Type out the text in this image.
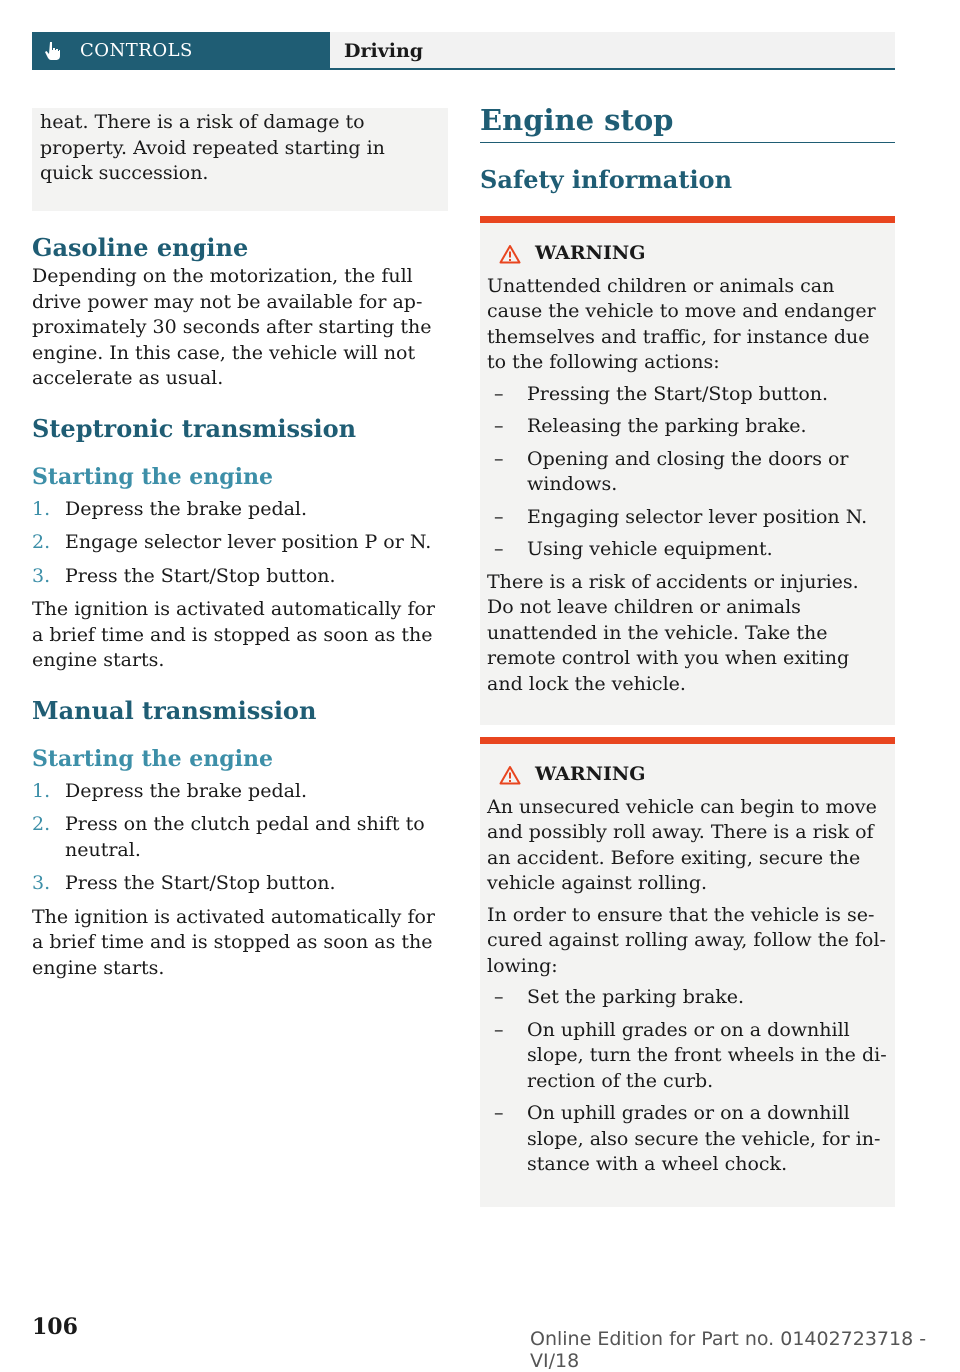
CONTROLS	Driving
heat. There is a risk of damage to property. Avoid repeated starting in quick succession.
Gasoline engine
Depending on the motorization, the full drive power may not be available for approximately 30 seconds after starting the engine. In this case, the vehicle will not accelerate as usual.
Steptronic transmission
Starting the engine
1. Depress the brake pedal.
2. Engage selector lever position P or N.
3. Press the Start/Stop button.
The ignition is activated automatically for a brief time and is stopped as soon as the engine starts.
Manual transmission
Starting the engine
1. Depress the brake pedal.
2. Press on the clutch pedal and shift to neutral.
3. Press the Start/Stop button.
The ignition is activated automatically for a brief time and is stopped as soon as the engine starts.
Engine stop
Safety information
WARNING

Unattended children or animals can cause the vehicle to move and endanger themselves and traffic, for instance due to the following actions:

– Pressing the Start/Stop button.
– Releasing the parking brake.
– Opening and closing the doors or windows.
– Engaging selector lever position N.
– Using vehicle equipment.

There is a risk of accidents or injuries. Do not leave children or animals unattended in the vehicle. Take the remote control with you when exiting and lock the vehicle.

WARNING

An unsecured vehicle can begin to move and possibly roll away. There is a risk of an accident. Before exiting, secure the vehicle against rolling.

In order to ensure that the vehicle is secured against rolling away, follow the following:

– Set the parking brake.
– On uphill grades or on a downhill slope, turn the front wheels in the direction of the curb.
– On uphill grades or on a downhill slope, also secure the vehicle, for instance with a wheel chock.
106	Online Edition for Part no. 01402723718 - VI/18
